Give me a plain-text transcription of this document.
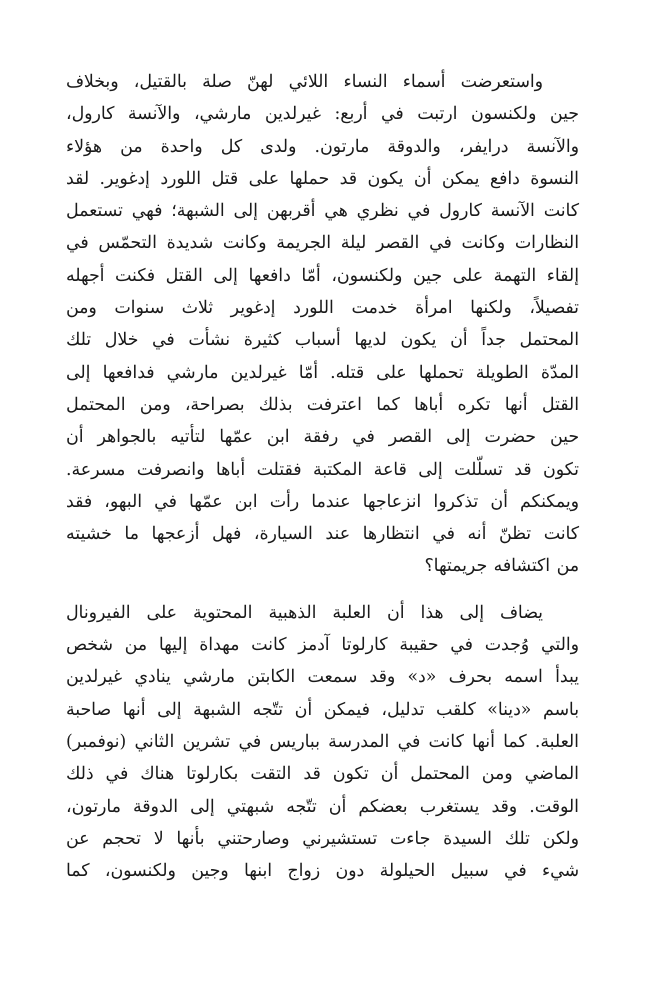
واستعرضت أسماء النساء اللائي لهنّ صلة بالقتيل، وبخلاف
جين ولكنسون ارتبت في أربع: غيرلدين مارشي، والآنسة كارول،
والآنسة درايفر، والدوقة مارتون. ولدى كل واحدة من هؤلاء
النسوة دافع يمكن أن يكون قد حملها على قتل اللورد إدغوير. لقد
كانت الآنسة كارول في نظري هي أقربهن إلى الشبهة؛ فهي تستعمل
النظارات وكانت في القصر ليلة الجريمة وكانت شديدة التحمّس في
إلقاء التهمة على جين ولكنسون، أمّا دافعها إلى القتل فكنت أجهله
تفصيلاً، ولكنها امرأة خدمت اللورد إدغوير ثلاث سنوات ومن
المحتمل جداً أن يكون لديها أسباب كثيرة نشأت في خلال تلك
المدّة الطويلة تحملها على قتله. أمّا غيرلدين مارشي فدافعها إلى
القتل أنها تكره أباها كما اعترفت بذلك بصراحة، ومن المحتمل
حين حضرت إلى القصر في رفقة ابن عمّها لتأتيه بالجواهر أن
تكون قد تسلّلت إلى قاعة المكتبة فقتلت أباها وانصرفت مسرعة.
ويمكنكم أن تذكروا انزعاجها عندما رأت ابن عمّها في البهو، فقد
كانت تظنّ أنه في انتظارها عند السيارة، فهل أزعجها ما خشيته
من اكتشافه جريمتها؟

يضاف إلى هذا أن العلبة الذهبية المحتوية على الفيرونال
والتي وُجدت في حقيبة كارلوتا آدمز كانت مهداة إليها من شخص
يبدأ اسمه بحرف «د» وقد سمعت الكابتن مارشي ينادي غيرلدين
باسم «دينا» كلقب تدليل، فيمكن أن تتّجه الشبهة إلى أنها صاحبة
العلبة. كما أنها كانت في المدرسة بباريس في تشرين الثاني (نوفمبر)
الماضي ومن المحتمل أن تكون قد التقت بكارلوتا هناك في ذلك
الوقت. وقد يستغرب بعضكم أن تتّجه شبهتي إلى الدوقة مارتون،
ولكن تلك السيدة جاءت تستشيرني وصارحتني بأنها لا تحجم عن
شيء في سبيل الحيلولة دون زواج ابنها وجين ولكنسون، كما
